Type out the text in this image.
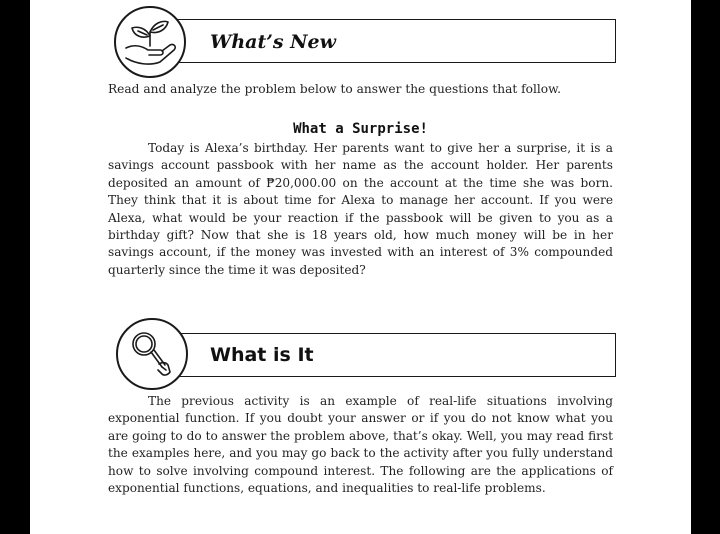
What’s New
Read and analyze the problem below to answer the questions that follow.
What a Surprise!

Today is Alexa’s birthday. Her parents want to give her a surprise, it is a savings account passbook with her name as the account holder. Her parents deposited an amount of ₱20,000.00 on the account at the time she was born. They think that it is about time for Alexa to manage her account. If you were Alexa, what would be your reaction if the passbook will be given to you as a birthday gift? Now that she is 18 years old, how much money will be in her savings account, if the money was invested with an interest of 3% compounded quarterly since the time it was deposited?

What is It

The previous activity is an example of real-life situations involving exponential function. If you doubt your answer or if you do not know what you are going to do to answer the problem above, that’s okay. Well, you may read first the examples here, and you may go back to the activity after you fully understand how to solve involving compound interest. The following are the applications of exponential functions, equations, and inequalities to real-life problems.
